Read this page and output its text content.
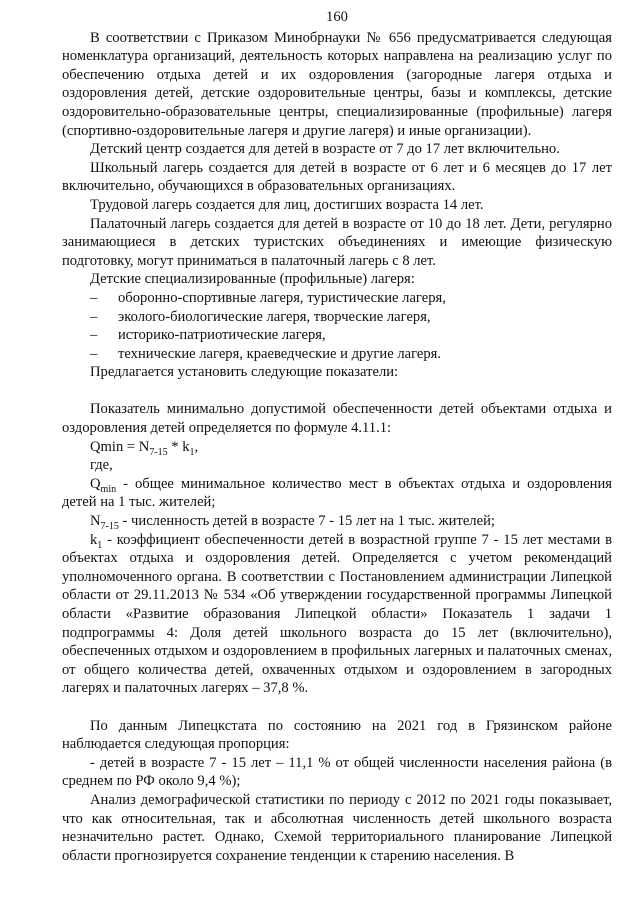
160

В соответствии с Приказом Минобрнауки № 656 предусматривается следующая номенклатура организаций, деятельность которых направлена на реализацию услуг по обеспечению отдыха детей и их оздоровления (загородные лагеря отдыха и оздоровления детей, детские оздоровительные центры, базы и комплексы, детские оздоровительно-образовательные центры, специализированные (профильные) лагеря (спортивно-оздоровительные лагеря и другие лагеря) и иные организации).

Детский центр создается для детей в возрасте от 7 до 17 лет включительно.

Школьный лагерь создается для детей в возрасте от 6 лет и 6 месяцев до 17 лет включительно, обучающихся в образовательных организациях.

Трудовой лагерь создается для лиц, достигших возраста 14 лет.

Палаточный лагерь создается для детей в возрасте от 10 до 18 лет. Дети, регулярно занимающиеся в детских туристских объединениях и имеющие физическую подготовку, могут приниматься в палаточный лагерь с 8 лет.

Детские специализированные (профильные) лагеря:

–	оборонно-спортивные лагеря, туристические лагеря,
–	эколого-биологические лагеря, творческие лагеря,
–	историко-патриотические лагеря,
–	технические лагеря, краеведческие и другие лагеря.

Предлагается установить следующие показатели:

Показатель минимально допустимой обеспеченности детей объектами отдыха и оздоровления детей определяется по формуле 4.11.1:

$Qmin = N_{7-15} * k_1$,

где,

$Q_{min}$ - общее минимальное количество мест в объектах отдыха и оздоровления детей на 1 тыс. жителей;

$N_{7-15}$ - численность детей в возрасте 7 - 15 лет на 1 тыс. жителей;

$k_1$ - коэффициент обеспеченности детей в возрастной группе 7 - 15 лет местами в объектах отдыха и оздоровления детей. Определяется с учетом рекомендаций уполномоченного органа. В соответствии с Постановлением администрации Липецкой области от 29.11.2013 № 534 «Об утверждении государственной программы Липецкой области «Развитие образования Липецкой области» Показатель 1 задачи 1 подпрограммы 4: Доля детей школьного возраста до 15 лет (включительно), обеспеченных отдыхом и оздоровлением в профильных лагерных и палаточных сменах, от общего количества детей, охваченных отдыхом и оздоровлением в загородных лагерях и палаточных лагерях – 37,8 %.

По данным Липецкстата по состоянию на 2021 год в Грязинском районе наблюдается следующая пропорция:

- детей в возрасте 7 - 15 лет – 11,1 % от общей численности населения района (в среднем по РФ около 9,4 %);

Анализ демографической статистики по периоду с 2012 по 2021 годы показывает, что как относительная, так и абсолютная численность детей школьного возраста незначительно растет. Однако, Схемой территориального планирование Липецкой области прогнозируется сохранение тенденции к старению населения. В
